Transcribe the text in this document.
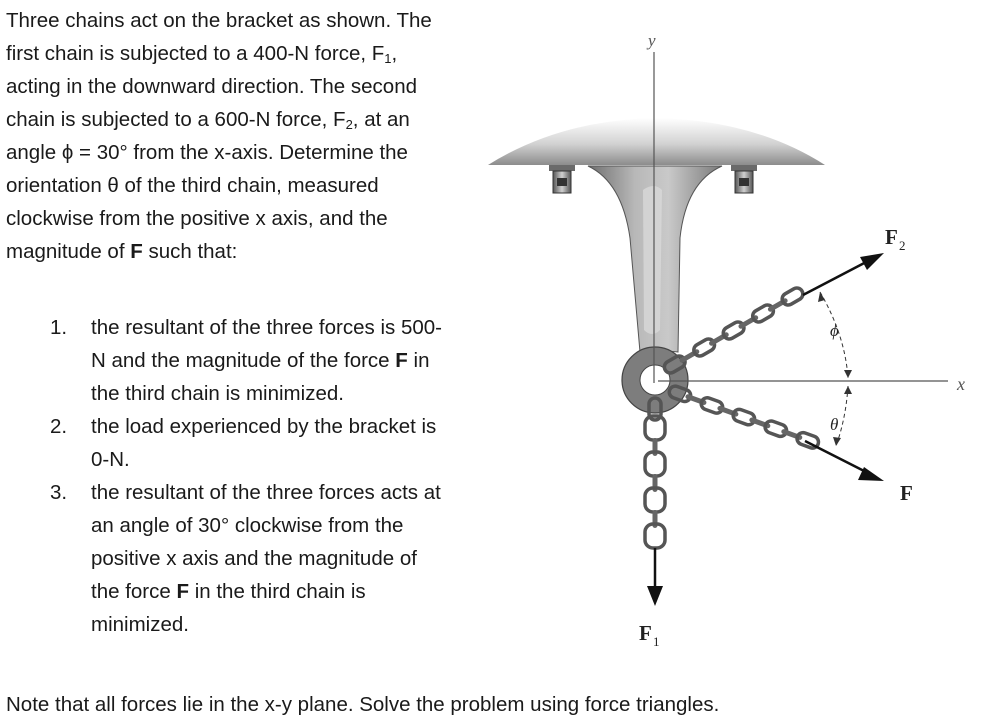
Three chains act on the bracket as shown. The first chain is subjected to a 400-N force, $F_1$, acting in the downward direction. The second chain is subjected to a 600-N force, $F_2$, at an angle ϕ = 30° from the x-axis. Determine the orientation θ of the third chain, measured clockwise from the positive x axis, and the magnitude of F such that:

1. the resultant of the three forces is 500-N and the magnitude of the force F in the third chain is minimized.
2. the load experienced by the bracket is 0-N.
3. the resultant of the three forces acts at an angle of 30° clockwise from the positive x axis and the magnitude of the force F in the third chain is minimized.

Note that all forces lie in the x-y plane. Solve the problem using force triangles.

y
x
ϕ
θ
F 2
F
F 1
